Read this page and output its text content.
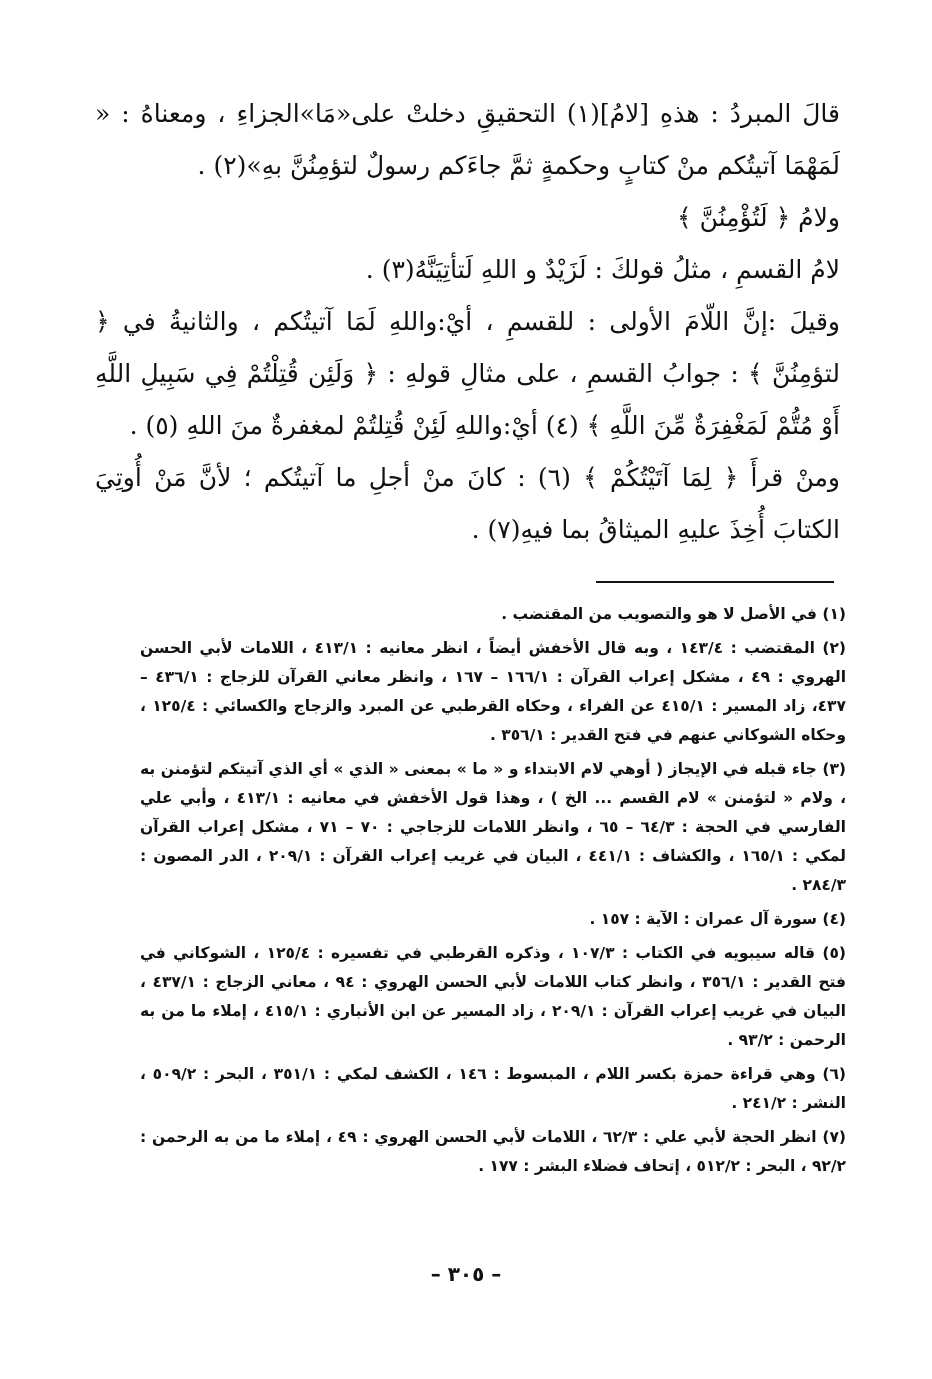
قالَ المبردُ : هذهِ [لامُ](١) التحقيقِ دخلتْ على«مَا»الجزاءِ ، ومعناهُ : « لَمَهْمَا آتيتُكم منْ كتابٍ وحكمةٍ ثمَّ جاءَكم رسولٌ لتؤمِنُنَّ بهِ»(٢) .

ولامُ ﴿ لَتُؤْمِنُنَّ ﴾

لامُ القسمِ ، مثلُ قولكَ : لَزَيْدٌ و اللهِ لَتأتِيَنَّهُ(٣) .

وقيلَ :إنَّ اللّامَ الأولى : للقسمِ ، أيْ:واللهِ لَمَا آتيتُكم ، والثانيةُ في ﴿ لتؤمِنُنَّ ﴾ : جوابُ القسمِ ، على مثالِ قولهِ : ﴿ وَلَئِن قُتِلْتُمْ فِي سَبِيلِ اللَّهِ أَوْ مُتُّمْ لَمَغْفِرَةٌ مِّنَ اللَّهِ ﴾ (٤) أيْ:واللهِ لَئِنْ قُتِلتُمْ لمغفرةٌ منَ اللهِ (٥) .

ومنْ قرأَ ﴿ لِمَا آتَيْتُكُمْ ﴾ (٦) : كانَ منْ أجلِ ما آتيتُكم ؛ لأنَّ مَنْ أُوتِيَ الكتابَ أُخِذَ عليهِ الميثاقُ بما فيهِ(٧) .

(١) في الأصل لا هو والتصويب من المقتضب .

(٢) المقتضب : ١٤٣/٤ ، وبه قال الأخفش أيضاً ، انظر معانيه : ٤١٣/١ ، اللامات لأبي الحسن الهروي : ٤٩ ، مشكل إعراب القرآن : ١٦٦/١ – ١٦٧ ، وانظر معاني القرآن للزجاج : ٤٣٦/١ – ٤٣٧، زاد المسير : ٤١٥/١ عن الفراء ، وحكاه القرطبي عن المبرد والزجاج والكسائي : ١٢٥/٤ ، وحكاه الشوكاني عنهم في فتح القدير : ٣٥٦/١ .

(٣) جاء قبله في الإيجاز ( أوهي لام الابتداء و « ما » بمعنى « الذي » أي الذي آتيتكم لتؤمنن به ، ولام « لتؤمنن » لام القسم ... الخ ) ، وهذا قول الأخفش في معانيه : ٤١٣/١ ، وأبي علي الفارسي في الحجة : ٦٤/٣ – ٦٥ ، وانظر اللامات للزجاجي : ٧٠ – ٧١ ، مشكل إعراب القرآن لمكي : ١٦٥/١ ، والكشاف : ٤٤١/١ ، البيان في غريب إعراب القرآن : ٢٠٩/١ ، الدر المصون : ٢٨٤/٣ .

(٤) سورة آل عمران : الآية : ١٥٧ .

(٥) قاله سيبويه في الكتاب : ١٠٧/٣ ، وذكره القرطبي في تفسيره : ١٢٥/٤ ، الشوكاني في فتح القدير : ٣٥٦/١ ، وانظر كتاب اللامات لأبي الحسن الهروي : ٩٤ ، معاني الزجاج : ٤٣٧/١ ، البيان في غريب إعراب القرآن : ٢٠٩/١ ، زاد المسير عن ابن الأنباري : ٤١٥/١ ، إملاء ما من به الرحمن : ٩٣/٢ .

(٦) وهي قراءة حمزة بكسر اللام ، المبسوط : ١٤٦ ، الكشف لمكي : ٣٥١/١ ، البحر : ٥٠٩/٢ ، النشر : ٢٤١/٢ .

(٧) انظر الحجة لأبي علي : ٦٢/٣ ، اللامات لأبي الحسن الهروي : ٤٩ ، إملاء ما من به الرحمن : ٩٢/٢ ، البحر : ٥١٢/٢ ، إتحاف فضلاء البشر : ١٧٧ .

– ٣٠٥ –
